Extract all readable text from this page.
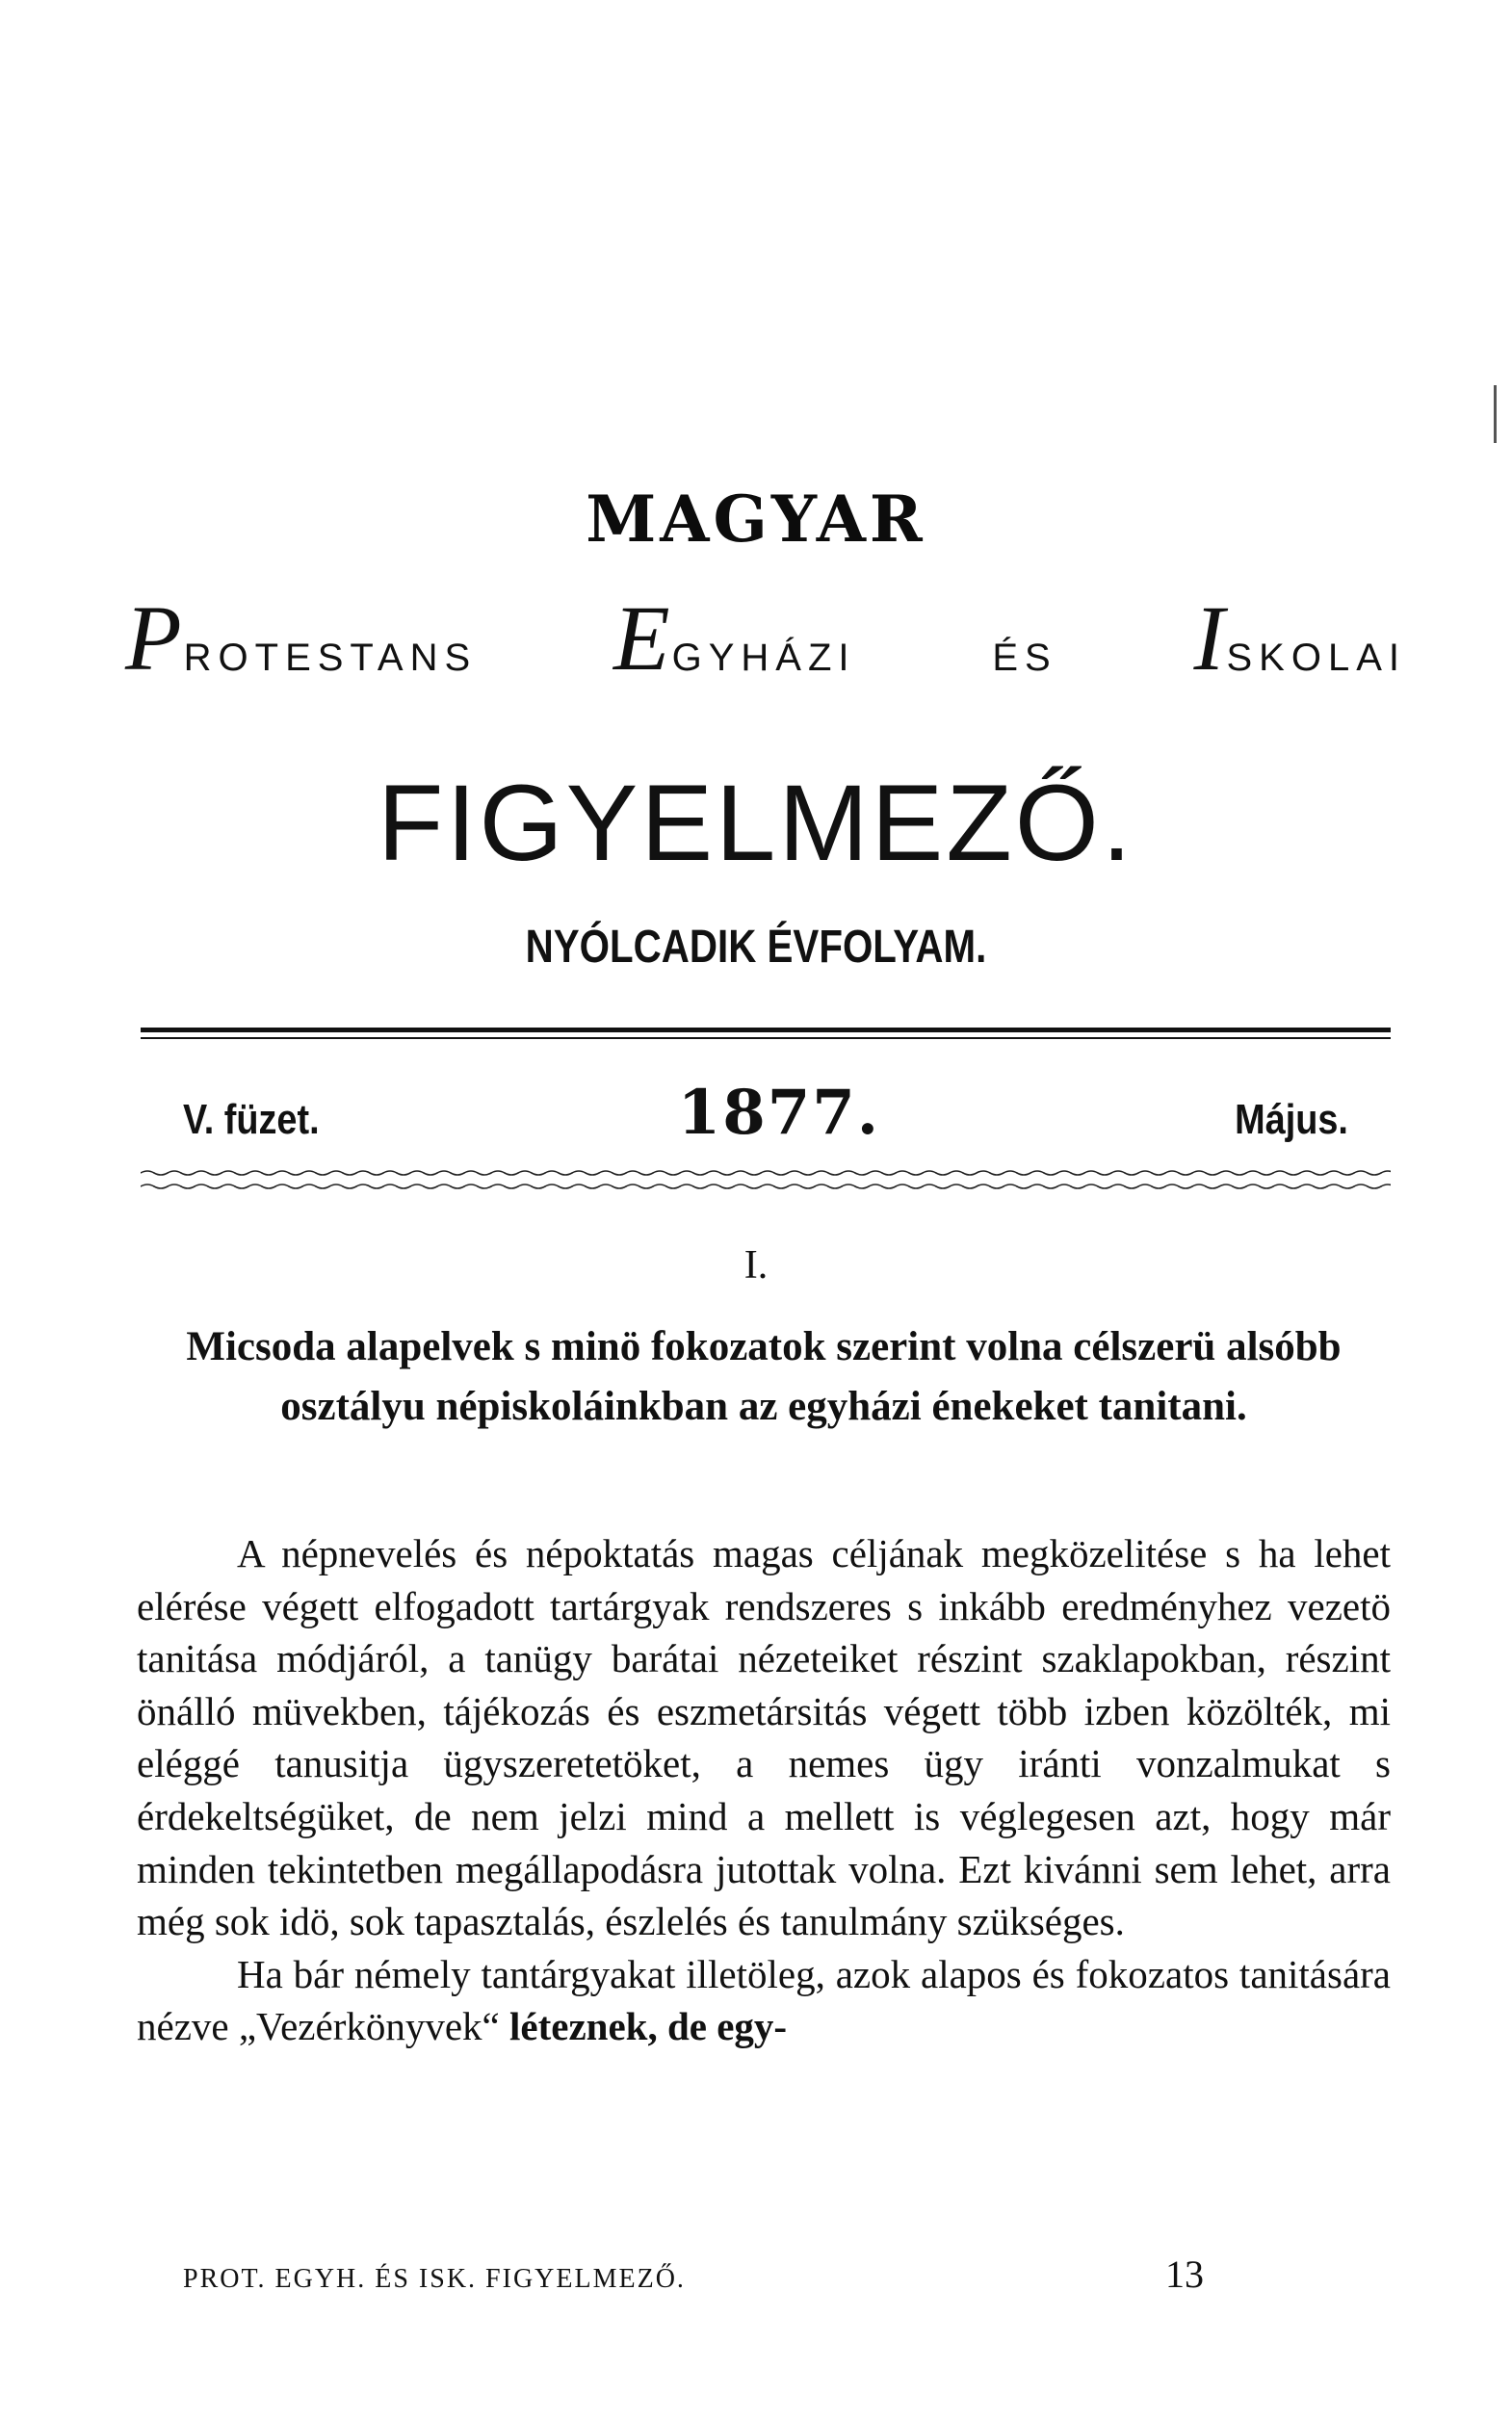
MAGYAR
P ROTESTANS E GYHÁZI	ÉS I SKOLAI
FIGYELMEZŐ.
NYÓLCADIK ÉVFOLYAM.
V. füzet.	1877.	Május.
I.
Micsoda alapelvek s minö fokozatok szerint volna célszerü alsóbb osztályu népiskoláinkban az egyházi énekeket tanitani.

A népnevelés és népoktatás magas céljának megközelitése s ha lehet elérése végett elfogadott tartárgyak rendszeres s inkább eredményhez vezetö tanitása módjáról, a tanügy barátai nézeteiket részint szaklapokban, részint önálló müvekben, tájékozás és eszmetársitás végett több izben közölték, mi eléggé tanusitja ügyszeretetöket, a nemes ügy iránti vonzalmukat s érdekeltségüket, de nem jelzi mind a mellett is véglegesen azt, hogy már minden tekintetben megállapodásra jutottak volna. Ezt kivánni sem lehet, arra még sok idö, sok tapasztalás, észlelés és tanulmány szükséges.

Ha bár némely tantárgyakat illetöleg, azok alapos és fokozatos tanitására nézve „Vezérkönyvek“ léteznek, de egy-

PROT. EGYH. ÉS ISK. FIGYELMEZŐ.	13
